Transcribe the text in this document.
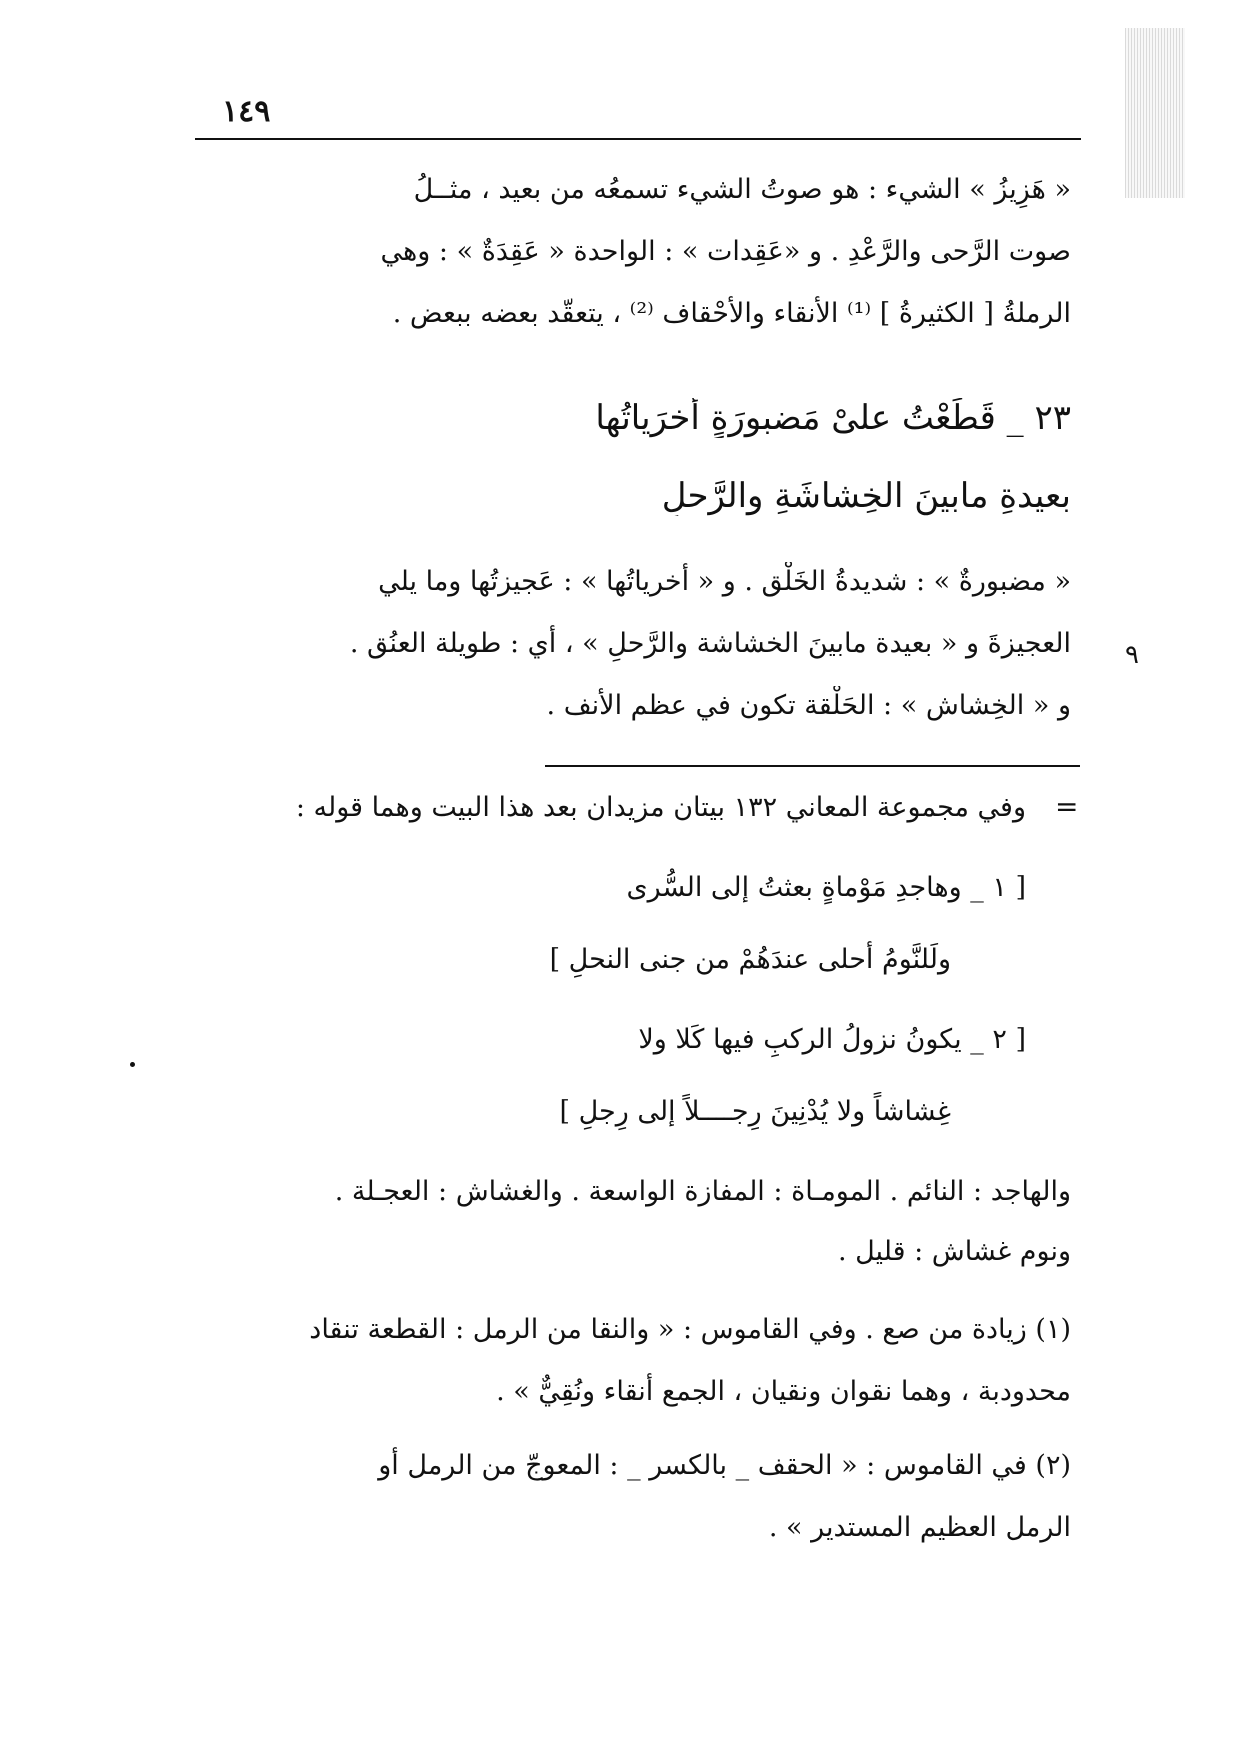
١٤٩
« هَزِيزُ » الشيء : هو صوتُ الشيء تسمعُه من بعيد ، مثــلُ
صوت الرَّحى والرَّعْدِ . و «عَقِدات » : الواحدة « عَقِدَةٌ » : وهي
الرملةُ [ الكثيرةُ ] ⁽¹⁾ الأنقاء والأحْقاف ⁽²⁾ ، يتعقّد بعضه ببعض .
٢٣ _ قَطَعْتُ علىْ مَضبورَةٍ أُخرَياتُها
بعيدةِ مابينَ الخِشاشَةِ والرَّحلِ
« مضبورةٌ » : شديدةُ الخَلْق . و « أُخرياتُها » : عَجيزتُها وما يلي
العجيزةَ و « بعيدة مابينَ الخشاشة والرَّحلِ » ، أي : طويلة العنُق .
و « الخِشاش » : الحَلْقة تكون في عظم الأنف .
٩
=
وفي مجموعة المعاني ١٣٢ بيتان مزيدان بعد هذا البيت وهما قوله :
[ ١ _ وهاجدِ مَوْماةٍ بعثتُ إلى السُّرى
ولَلنَّومُ أحلى عندَهُمْ من جنى النحلِ ]
[ ٢ _ يكونُ نزولُ الركبِ فيها كَلا ولا
غِشاشاً ولا يُدْنِينَ رِجــــلاً إلى رِجلِ ]
والهاجد : النائم . المومـاة : المفازة الواسعة . والغشاش : العجـلة .
ونوم غشاش : قليل .
(١) زيادة من صع . وفي القاموس : « والنقا من الرمل : القطعة تنقاد
محدودبة ، وهما نقوان ونقيان ، الجمع أنقاء ونُقِيٌّ » .
(٢) في القاموس : « الحقف _ بالكسر _ : المعوجّ من الرمل أو
الرمل العظيم المستدير » .
